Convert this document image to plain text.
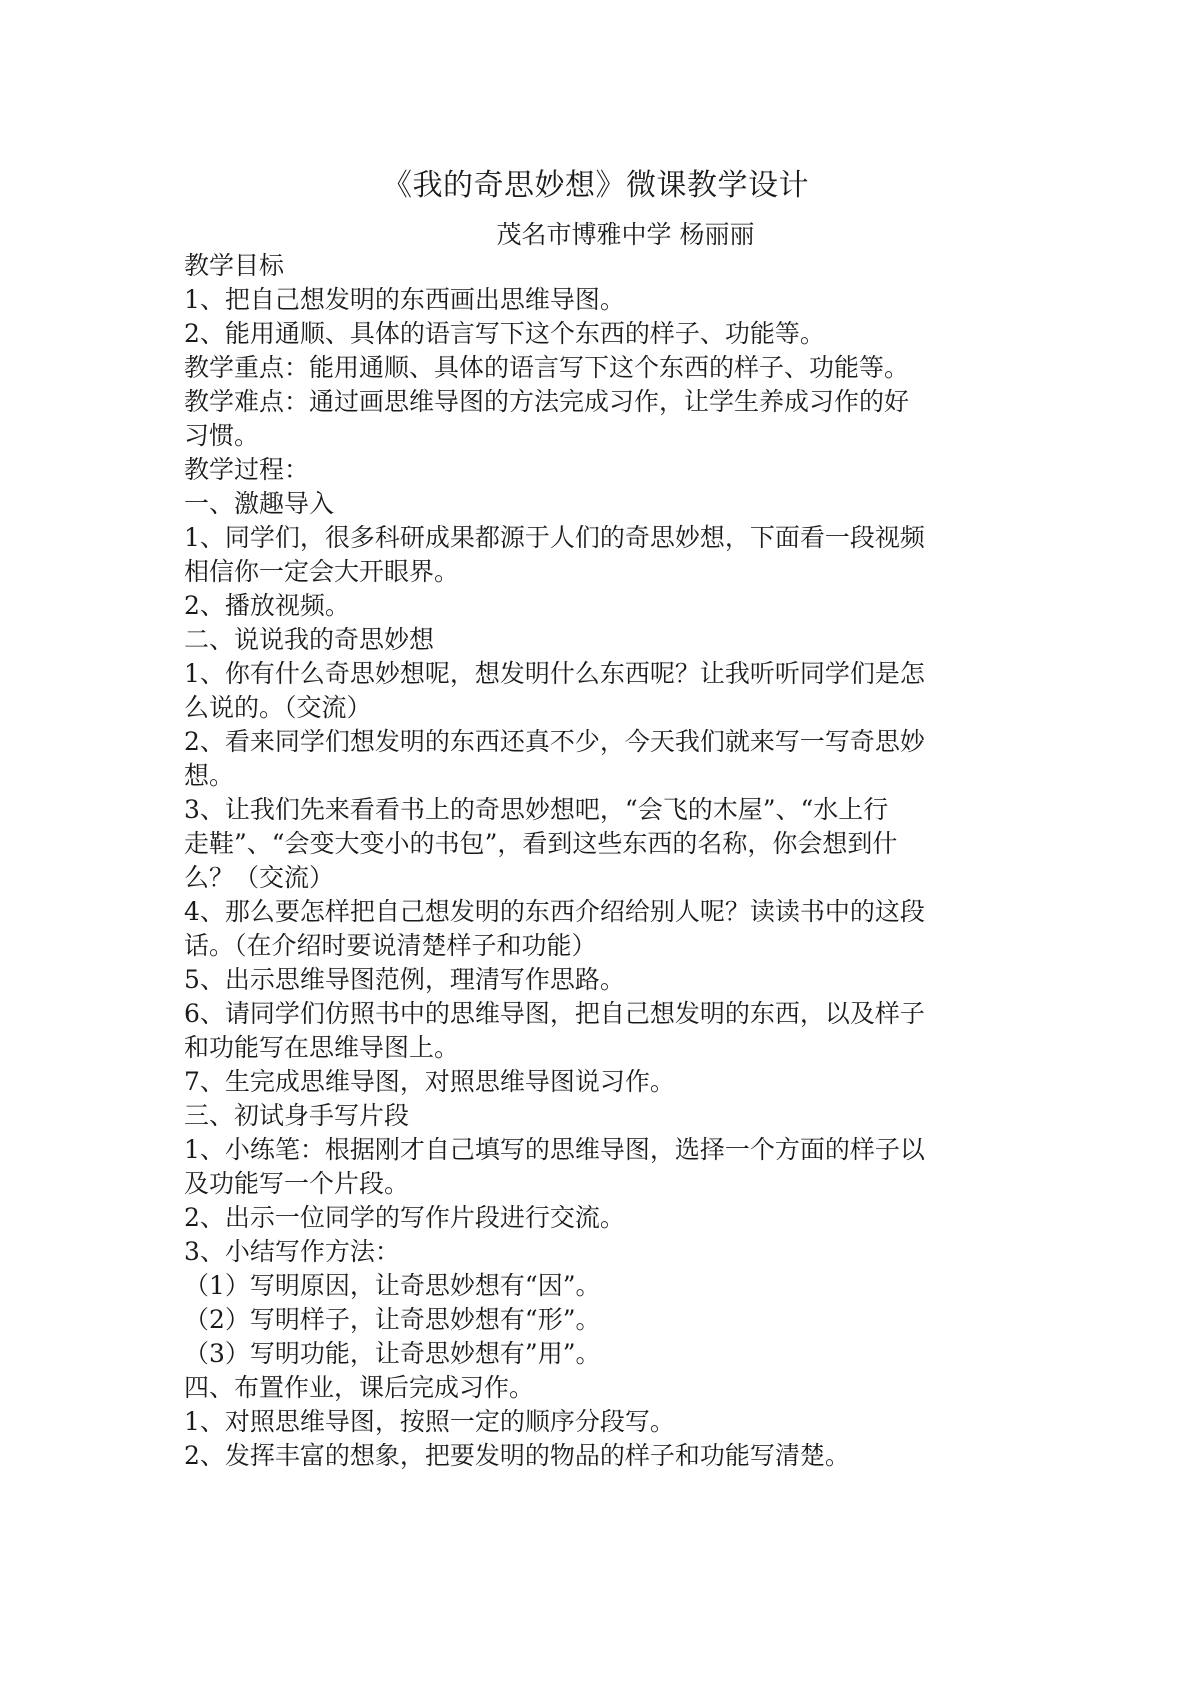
《我的奇思妙想》微课教学设计
茂名市博雅中学 杨丽丽
教学目标
1、把自己想发明的东西画出思维导图。
2、能用通顺、具体的语言写下这个东西的样子、功能等。
教学重点：能用通顺、具体的语言写下这个东西的样子、功能等。
教学难点：通过画思维导图的方法完成习作，让学生养成习作的好
习惯。
教学过程：
一、激趣导入
1、同学们，很多科研成果都源于人们的奇思妙想，下面看一段视频
相信你一定会大开眼界。
2、播放视频。
二、说说我的奇思妙想
1、你有什么奇思妙想呢，想发明什么东西呢？让我听听同学们是怎
么说的。（交流）
2、看来同学们想发明的东西还真不少，今天我们就来写一写奇思妙
想。
3、让我们先来看看书上的奇思妙想吧，“会飞的木屋”、“水上行
走鞋”、“会变大变小的书包”，看到这些东西的名称，你会想到什
么？（交流）
4、那么要怎样把自己想发明的东西介绍给别人呢？读读书中的这段
话。（在介绍时要说清楚样子和功能）
5、出示思维导图范例，理清写作思路。
6、请同学们仿照书中的思维导图，把自己想发明的东西，以及样子
和功能写在思维导图上。
7、生完成思维导图，对照思维导图说习作。
三、初试身手写片段
1、小练笔：根据刚才自己填写的思维导图，选择一个方面的样子以
及功能写一个片段。
2、出示一位同学的写作片段进行交流。
3、小结写作方法：
（1）写明原因，让奇思妙想有“因”。
（2）写明样子，让奇思妙想有“形”。
（3）写明功能，让奇思妙想有”用”。
四、布置作业，课后完成习作。
1、对照思维导图，按照一定的顺序分段写。
2、发挥丰富的想象，把要发明的物品的样子和功能写清楚。
